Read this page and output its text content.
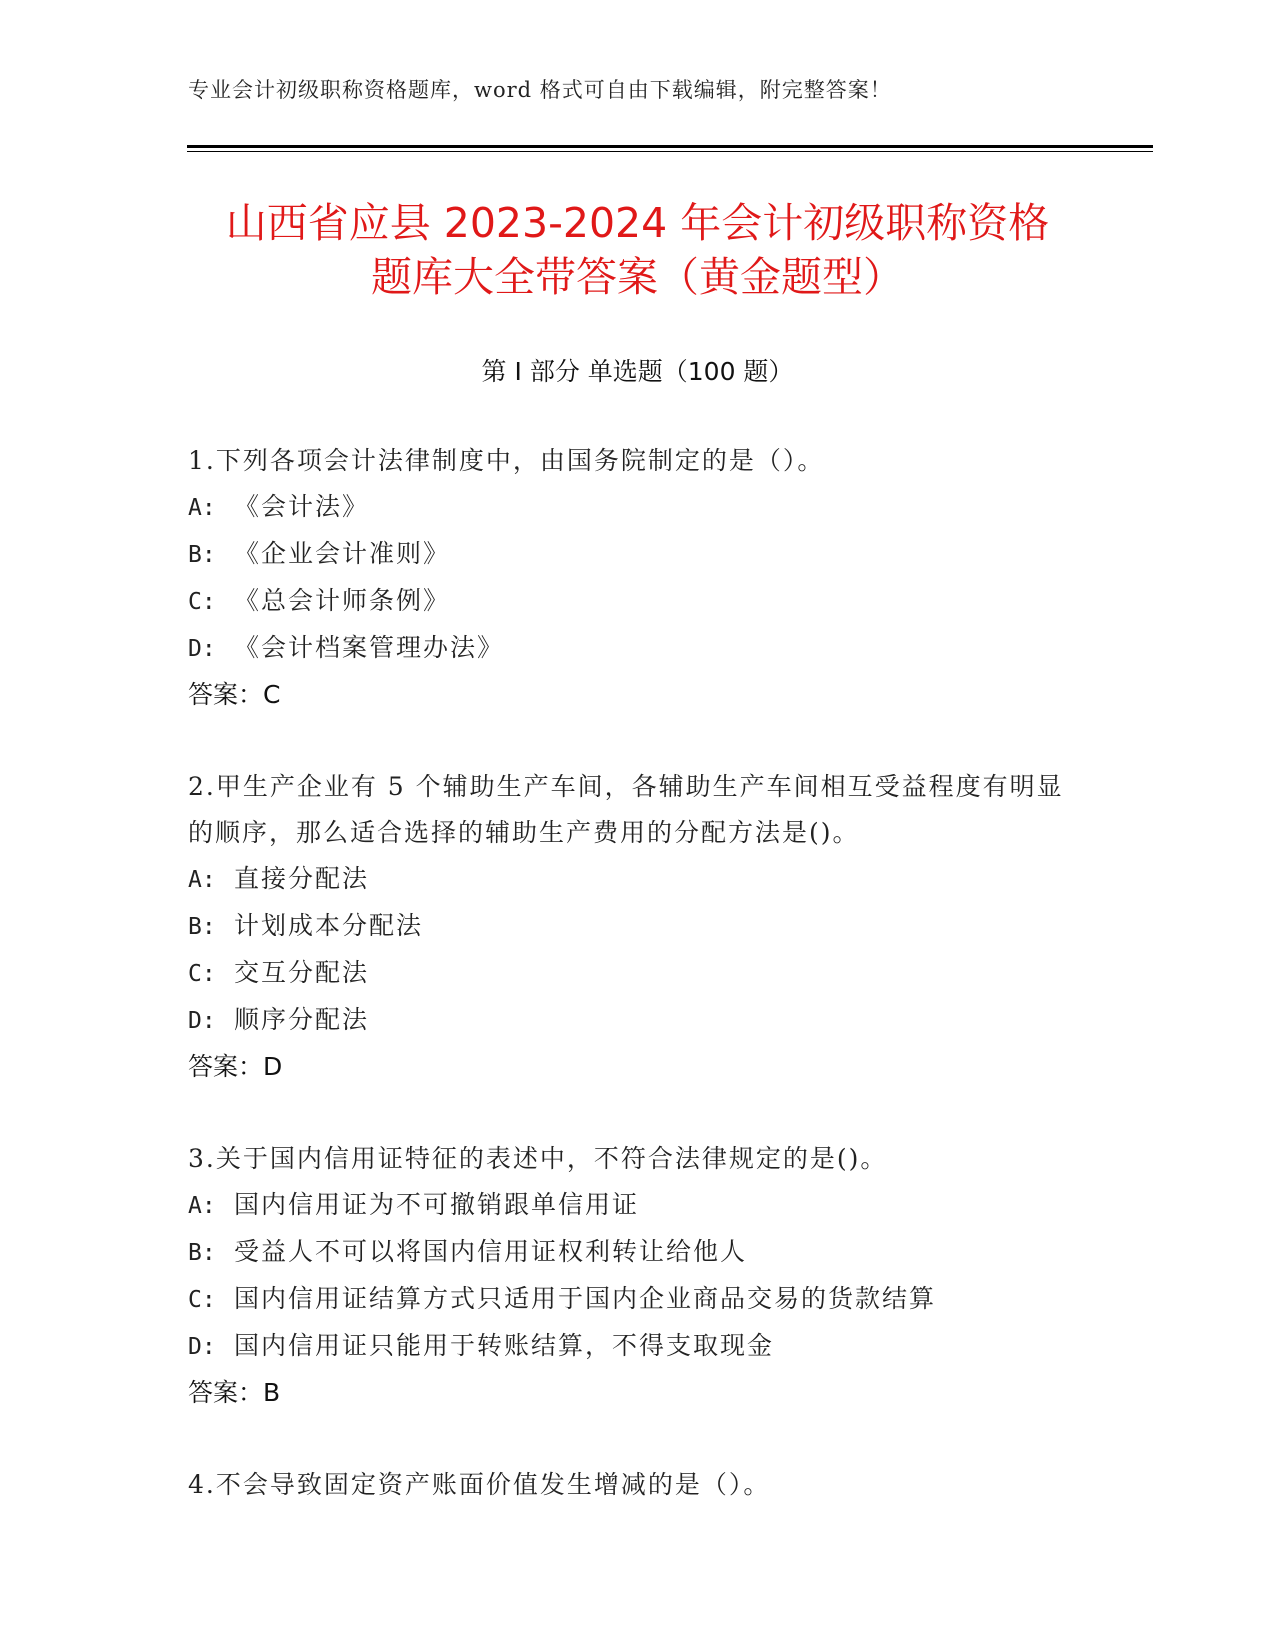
专业会计初级职称资格题库，word 格式可自由下载编辑，附完整答案！
山西省应县 2023-2024 年会计初级职称资格
题库大全带答案（黄金题型）
第 I 部分 单选题（100 题）
1.下列各项会计法律制度中，由国务院制定的是（）。
A: 《会计法》
B: 《企业会计准则》
C: 《总会计师条例》
D: 《会计档案管理办法》
答案：C
2.甲生产企业有 5 个辅助生产车间，各辅助生产车间相互受益程度有明显的顺序，那么适合选择的辅助生产费用的分配方法是()。
A: 直接分配法
B: 计划成本分配法
C: 交互分配法
D: 顺序分配法
答案：D
3.关于国内信用证特征的表述中，不符合法律规定的是()。
A: 国内信用证为不可撤销跟单信用证
B: 受益人不可以将国内信用证权利转让给他人
C: 国内信用证结算方式只适用于国内企业商品交易的货款结算
D: 国内信用证只能用于转账结算，不得支取现金
答案：B
4.不会导致固定资产账面价值发生增减的是（）。
